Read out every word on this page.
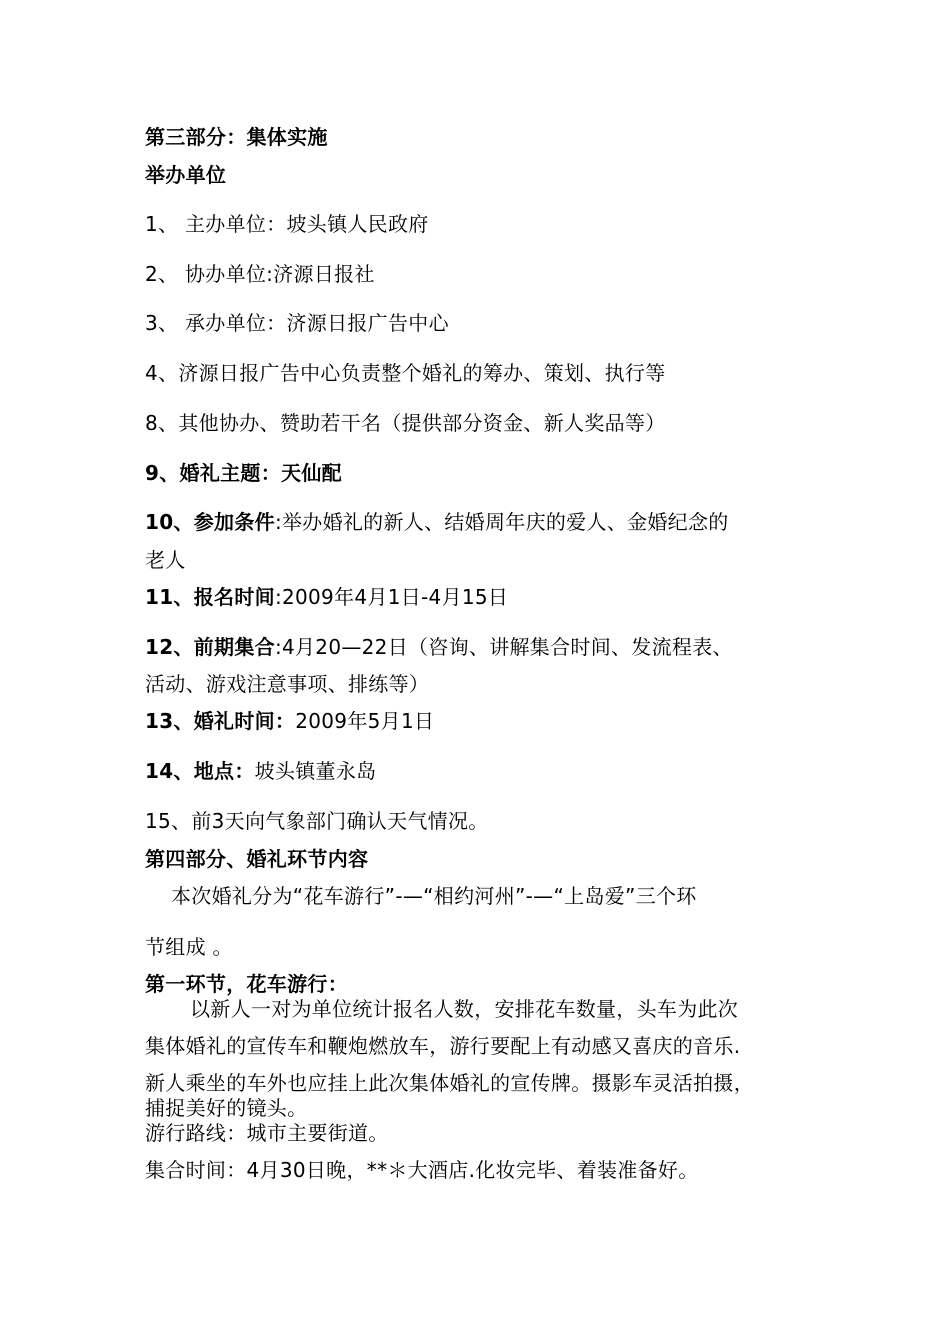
第三部分：集体实施
举办单位
1、 主办单位：坡头镇人民政府
2、 协办单位:济源日报社
3、 承办单位：济源日报广告中心
4、济源日报广告中心负责整个婚礼的筹办、策划、执行等
8、其他协办、赞助若干名（提供部分资金、新人奖品等）
9、婚礼主题：天仙配
10、参加条件:举办婚礼的新人、结婚周年庆的爱人、金婚纪念的
老人
11、报名时间:2009年4月1日-4月15日
12、前期集合:4月20—22日（咨询、讲解集合时间、发流程表、
活动、游戏注意事项、排练等）
13、婚礼时间：2009年5月1日
14、地点：坡头镇董永岛
15、前3天向气象部门确认天气情况。
第四部分、婚礼环节内容
本次婚礼分为“花车游行”-—“相约河州”-—“上岛爱”三个环
节组成 。
第一环节，花车游行：
以新人一对为单位统计报名人数，安排花车数量，头车为此次
集体婚礼的宣传车和鞭炮燃放车，游行要配上有动感又喜庆的音乐.
新人乘坐的车外也应挂上此次集体婚礼的宣传牌。摄影车灵活拍摄，
捕捉美好的镜头。
游行路线：城市主要街道。
集合时间：4月30日晚，**＊大酒店.化妆完毕、着装准备好。
